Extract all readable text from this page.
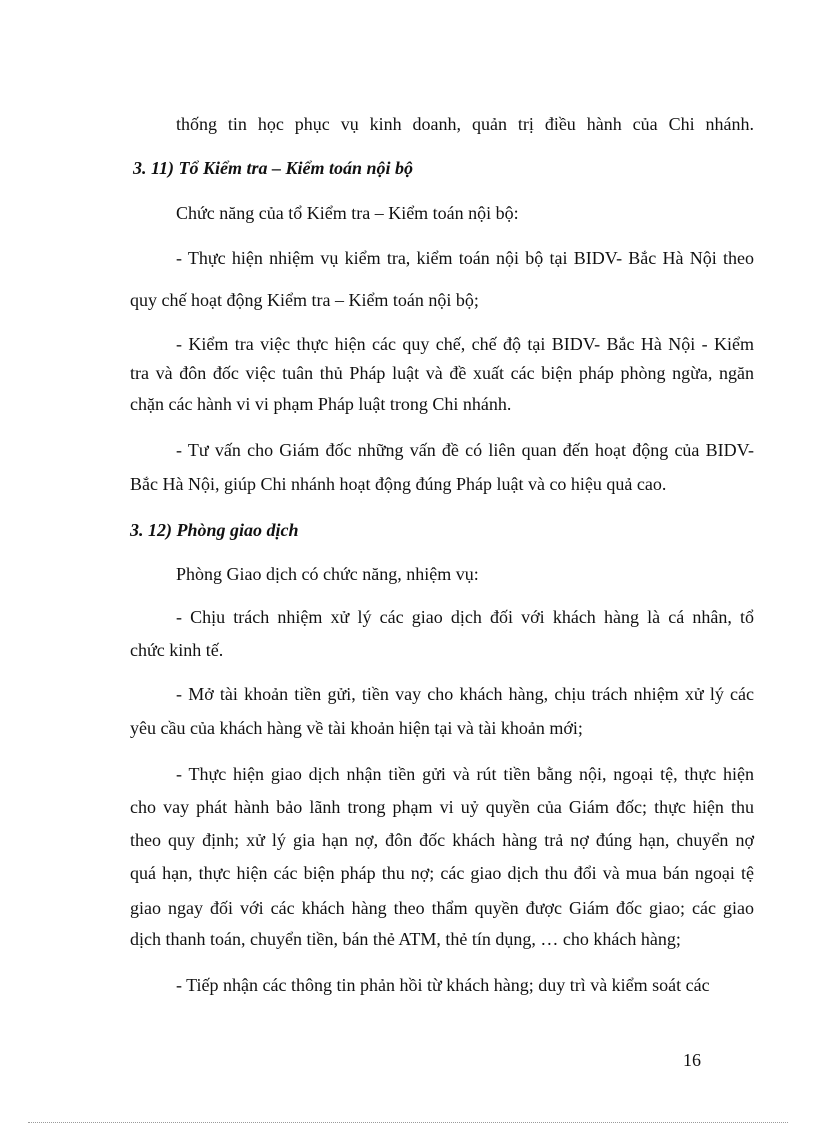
thống tin học phục vụ kinh doanh, quản trị điều hành của Chi nhánh.
3. 11) Tổ Kiểm tra – Kiểm toán nội bộ
Chức năng của tổ Kiểm tra – Kiểm toán nội bộ:
- Thực hiện nhiệm vụ kiểm tra, kiểm toán nội bộ tại BIDV- Bắc Hà Nội theo
quy chế hoạt động Kiểm tra – Kiểm toán nội bộ;
- Kiểm tra việc thực hiện các quy chế, chế độ tại BIDV- Bắc Hà Nội - Kiểm
tra và đôn đốc việc tuân thủ Pháp luật và đề xuất các biện pháp phòng ngừa, ngăn
chặn các hành vi vi phạm Pháp luật trong Chi nhánh.
- Tư vấn cho Giám đốc những vấn đề có liên quan đến hoạt động của BIDV-
Bắc Hà Nội, giúp Chi nhánh hoạt động đúng Pháp luật và co hiệu quả cao.
3. 12) Phòng giao dịch
Phòng Giao dịch có chức năng, nhiệm vụ:
- Chịu trách nhiệm xử lý các giao dịch đối với khách hàng là cá nhân, tổ
chức kinh tế.
- Mở tài khoản tiền gửi, tiền vay cho khách hàng, chịu trách nhiệm xử lý các
yêu cầu của khách hàng về tài khoản hiện tại và tài khoản mới;
- Thực hiện giao dịch nhận tiền gửi và rút tiền bằng nội, ngoại tệ, thực hiện
cho vay phát hành bảo lãnh trong phạm vi uỷ quyền của Giám đốc; thực hiện thu
theo quy định; xử lý gia hạn nợ, đôn đốc khách hàng trả nợ đúng hạn, chuyển nợ
quá hạn, thực hiện các biện pháp thu nợ; các giao dịch thu đổi và mua bán ngoại tệ
giao ngay đối với các khách hàng theo thẩm quyền được Giám đốc giao; các giao
dịch thanh toán, chuyển tiền, bán thẻ ATM, thẻ tín dụng, … cho khách hàng;
- Tiếp nhận các thông tin phản hồi từ khách hàng; duy trì và kiểm soát các
16
